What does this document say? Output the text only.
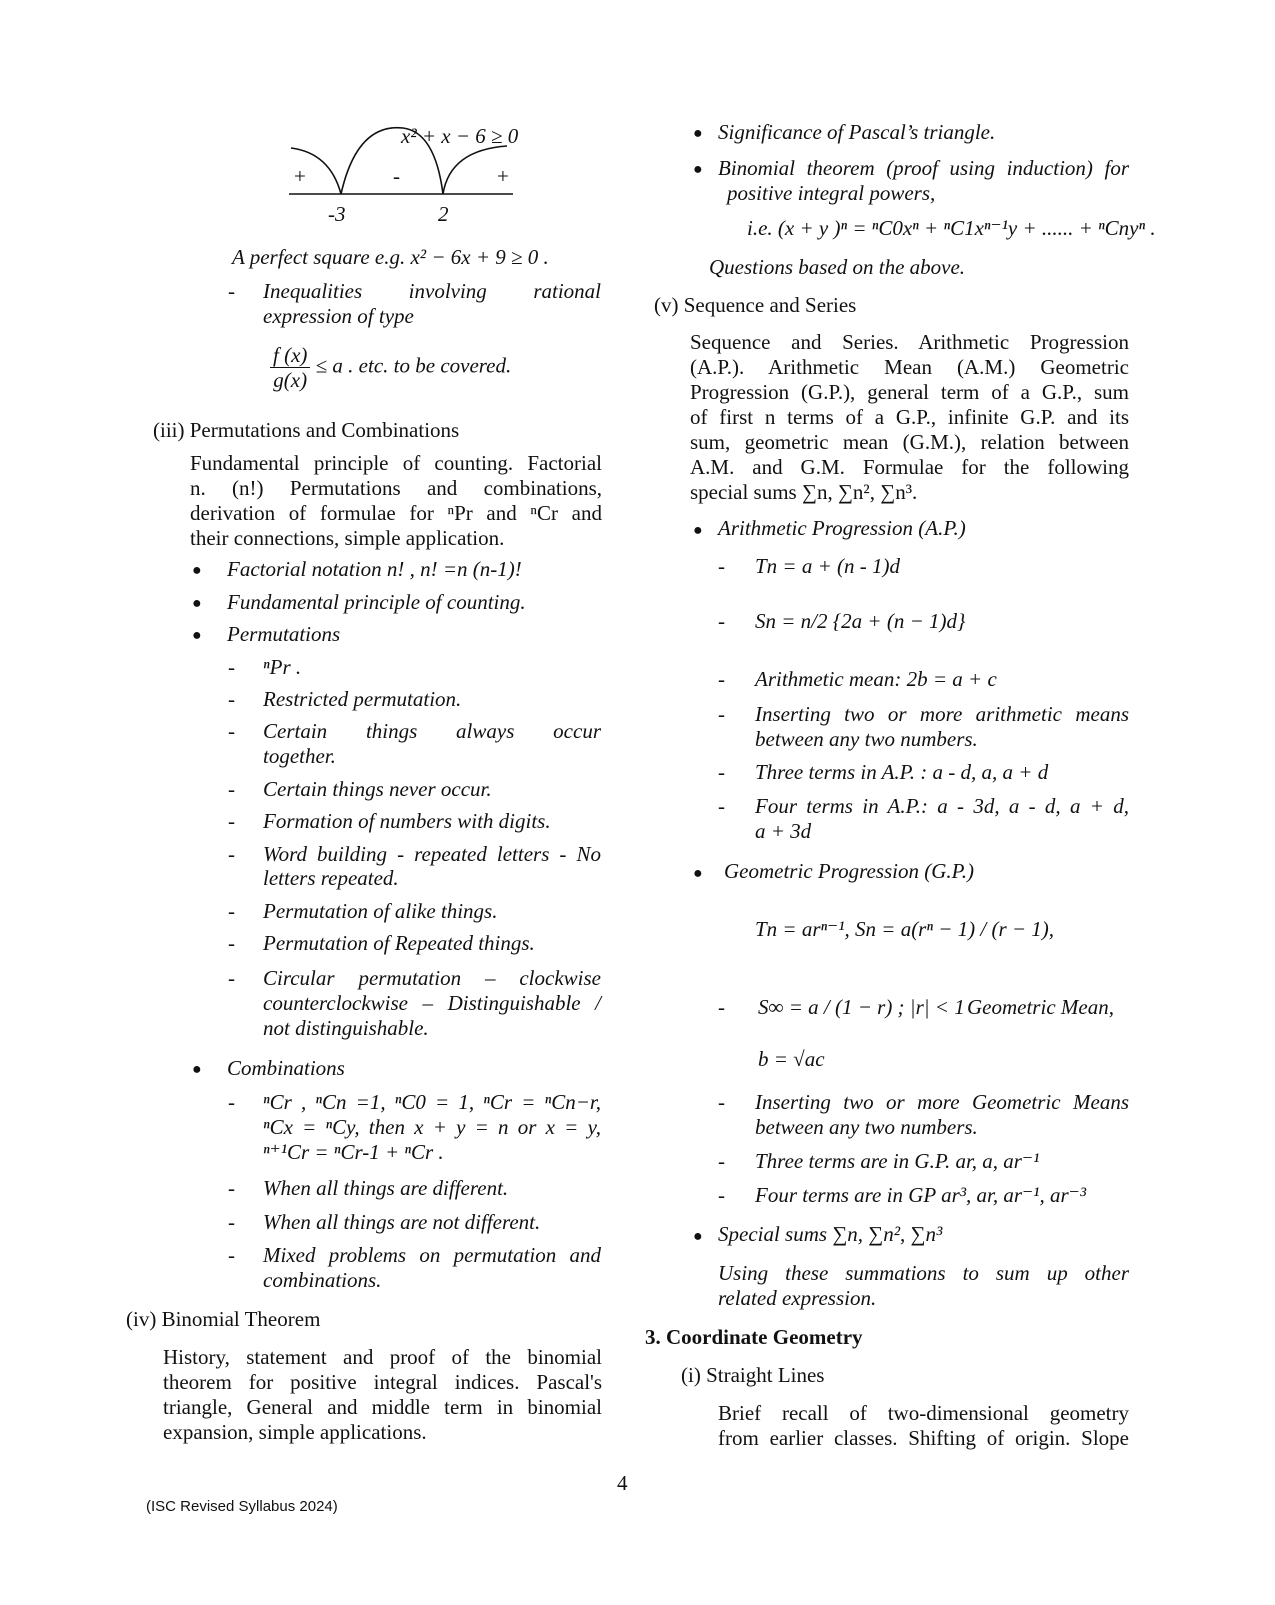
x² + x − 6 ≥ 0
+	-	+
-3	2
A perfect square e.g. x² − 6x + 9 ≥ 0 .
- Inequalities involving rational
expression of type
$\frac{f (x)}{g(x)} \le a$ . etc. to be covered.
(iii) Permutations and Combinations
Fundamental principle of counting. Factorial
n. (n!) Permutations and combinations,
derivation of formulae for ⁿPr and ⁿCr and
their connections, simple application.
● Factorial notation n! , n! =n (n-1)!
● Fundamental principle of counting.
● Permutations
- ⁿPr .
- Restricted permutation.
- Certain things always occur
together.
- Certain things never occur.
- Formation of numbers with digits.
- Word building - repeated letters - No
letters repeated.
- Permutation of alike things.
- Permutation of Repeated things.
- Circular permutation – clockwise
counterclockwise – Distinguishable /
not distinguishable.
● Combinations
- ⁿCr , ⁿCn =1, ⁿC0 = 1, ⁿCr = ⁿCn−r,
ⁿCx = ⁿCy, then x + y = n or x = y,
ⁿ⁺¹Cr = ⁿCr-1 + ⁿCr .
- When all things are different.
- When all things are not different.
- Mixed problems on permutation and
combinations.
(iv) Binomial Theorem
History, statement and proof of the binomial
theorem for positive integral indices. Pascal's
triangle, General and middle term in binomial
expansion, simple applications.
● Significance of Pascal’s triangle.
● Binomial theorem (proof using induction) for
positive integral powers,
i.e. (x + y )ⁿ = ⁿC0xⁿ + ⁿC1xⁿ⁻¹y + ...... + ⁿCnyⁿ .
Questions based on the above.
(v) Sequence and Series
Sequence and Series. Arithmetic Progression
(A.P.). Arithmetic Mean (A.M.) Geometric
Progression (G.P.), general term of a G.P., sum
of first n terms of a G.P., infinite G.P. and its
sum, geometric mean (G.M.), relation between
A.M. and G.M. Formulae for the following
special sums ∑n, ∑n², ∑n³.
● Arithmetic Progression (A.P.)
- Tn = a + (n - 1)d
- Sn = n/2 {2a + (n − 1)d}
- Arithmetic mean: 2b = a + c
- Inserting two or more arithmetic means
between any two numbers.
- Three terms in A.P. : a - d, a, a + d
- Four terms in A.P.: a - 3d, a - d, a + d,
a + 3d
● Geometric Progression (G.P.)
Tn = arⁿ⁻¹, Sn = a(rⁿ − 1) / (r − 1),
- S∞ = a / (1 − r) ; |r| < 1 Geometric Mean,
b = √ac
- Inserting two or more Geometric Means
between any two numbers.
- Three terms are in G.P. ar, a, ar⁻¹
- Four terms are in GP ar³, ar, ar⁻¹, ar⁻³
● Special sums ∑n, ∑n², ∑n³
Using these summations to sum up other
related expression.
3. Coordinate Geometry
(i) Straight Lines
Brief recall of two-dimensional geometry
from earlier classes. Shifting of origin. Slope
4
(ISC Revised Syllabus 2024)
